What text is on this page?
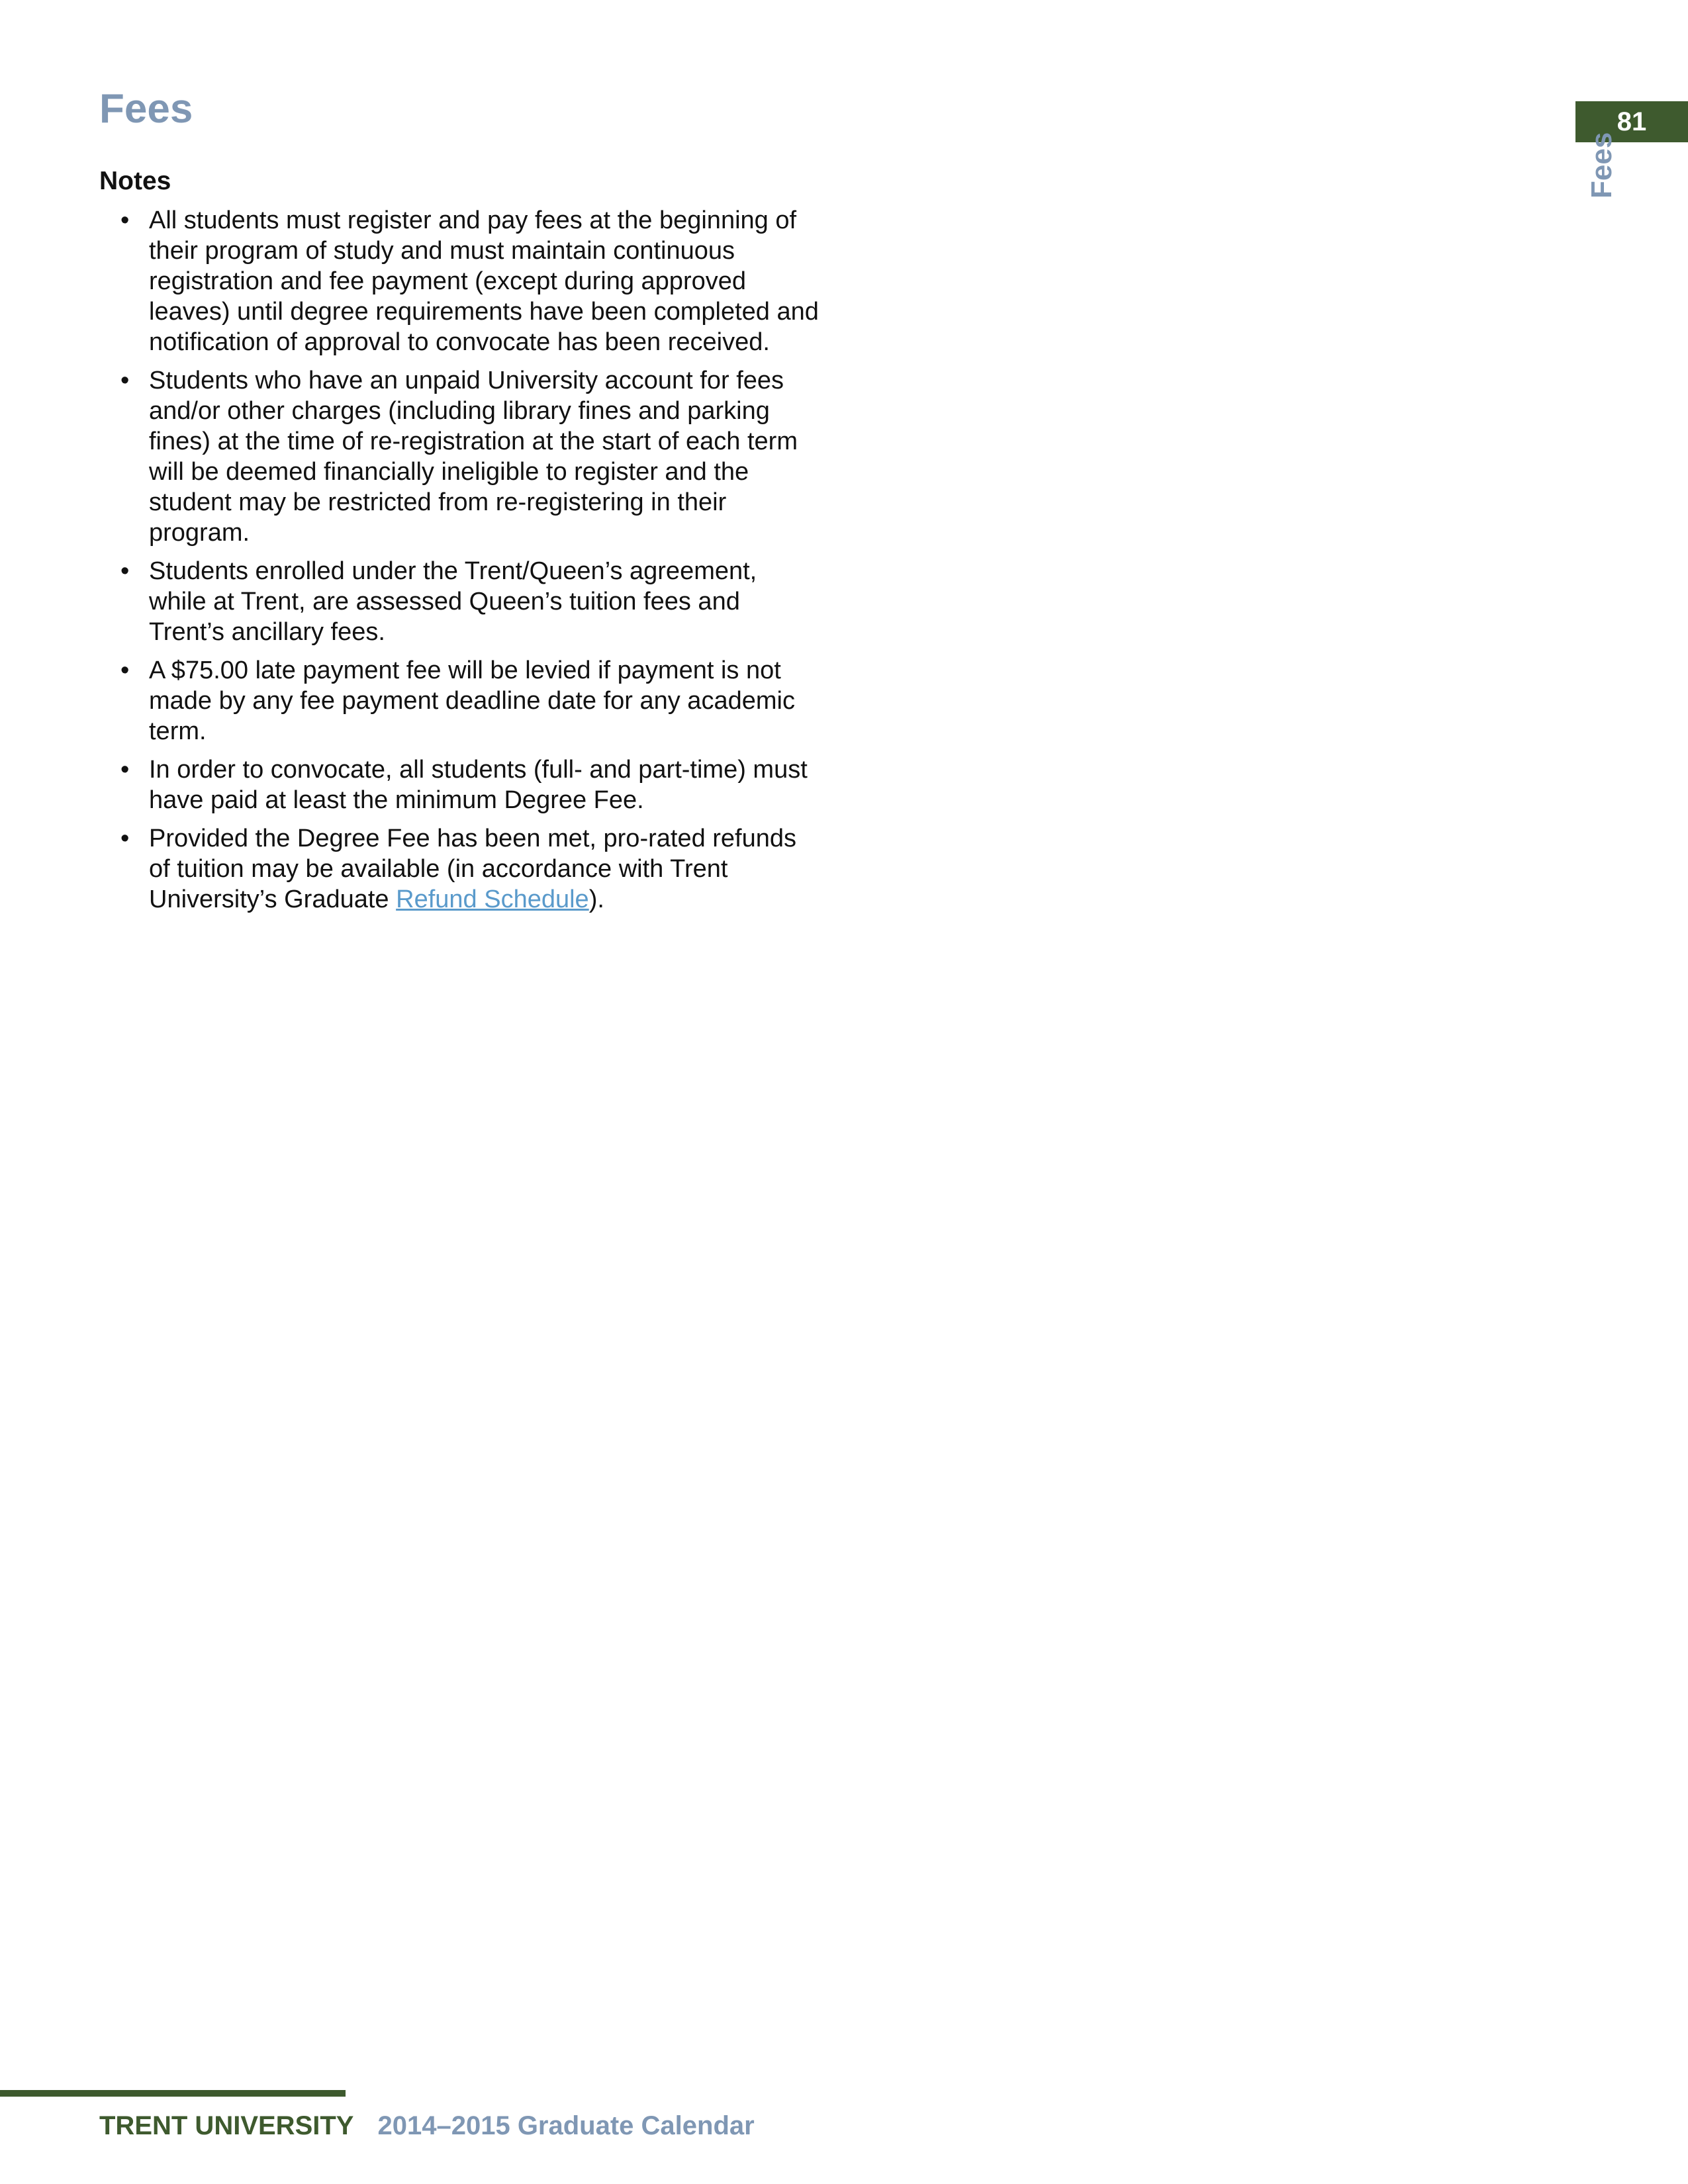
Fees	81
Fees
Notes
• All students must register and pay fees at the beginning of their program of study and must maintain continuous registration and fee payment (except during approved leaves) until degree requirements have been completed and notification of approval to convocate has been received.
• Students who have an unpaid University account for fees and/or other charges (including library fines and parking fines) at the time of re-registration at the start of each term will be deemed financially ineligible to register and the student may be restricted from re-registering in their program.
• Students enrolled under the Trent/Queen’s agreement, while at Trent, are assessed Queen’s tuition fees and Trent’s ancillary fees.
• A $75.00 late payment fee will be levied if payment is not made by any fee payment deadline date for any academic term.
• In order to convocate, all students (full- and part-time) must have paid at least the minimum Degree Fee.
• Provided the Degree Fee has been met, pro-rated refunds of tuition may be available (in accordance with Trent University’s Graduate Refund Schedule).
TRENT UNIVERSITY 2014–2015 Graduate Calendar
